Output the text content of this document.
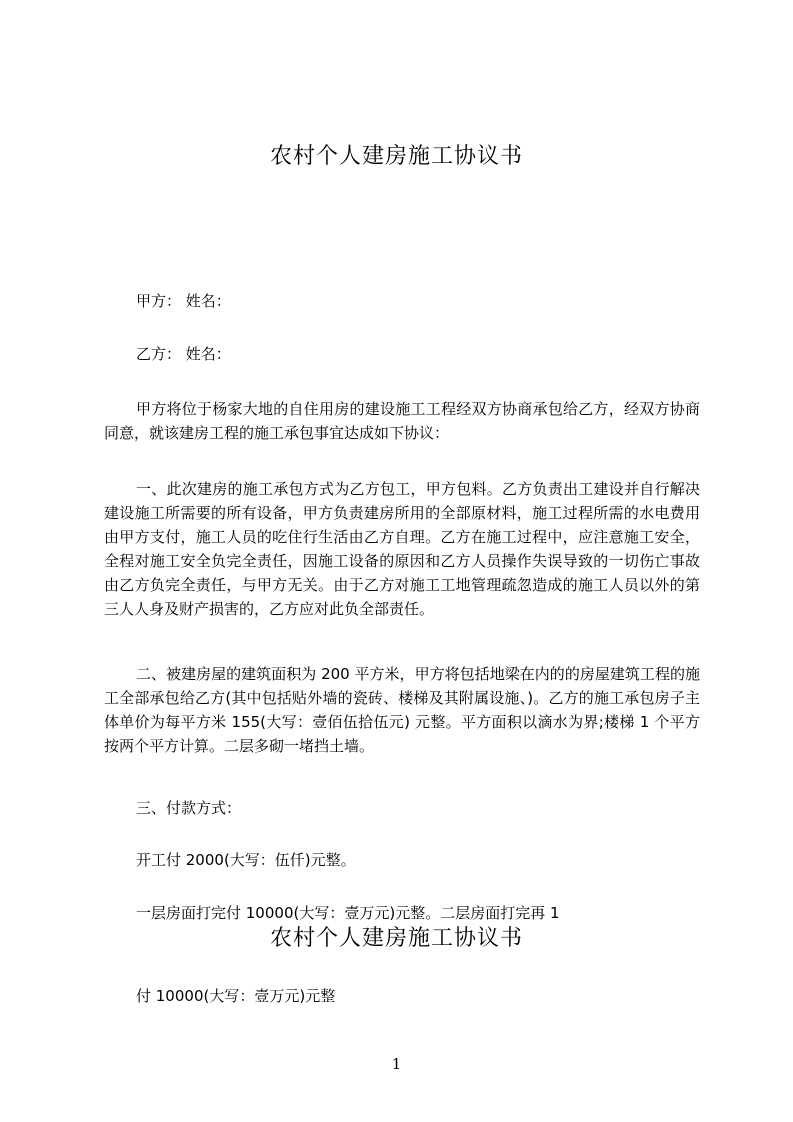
农村个人建房施工协议书
甲方： 姓名：
乙方： 姓名：
甲方将位于杨家大地的自住用房的建设施工工程经双方协商承包给乙方，经双方协商同意，就该建房工程的施工承包事宜达成如下协议：
一、此次建房的施工承包方式为乙方包工，甲方包料。乙方负责出工建设并自行解决建设施工所需要的所有设备，甲方负责建房所用的全部原材料，施工过程所需的水电费用由甲方支付，施工人员的吃住行生活由乙方自理。乙方在施工过程中，应注意施工安全，全程对施工安全负完全责任，因施工设备的原因和乙方人员操作失误导致的一切伤亡事故由乙方负完全责任，与甲方无关。由于乙方对施工工地管理疏忽造成的施工人员以外的第三人人身及财产损害的，乙方应对此负全部责任。
二、被建房屋的建筑面积为 200 平方米，甲方将包括地梁在内的的房屋建筑工程的施工全部承包给乙方(其中包括贴外墙的瓷砖、楼梯及其附属设施、)。乙方的施工承包房子主体单价为每平方米 155(大写：壹佰伍拾伍元) 元整。平方面积以滴水为界;楼梯 1 个平方按两个平方计算。二层多砌一堵挡土墙。
三、付款方式：
开工付 2000(大写：伍仟)元整。
一层房面打完付 10000(大写：壹万元)元整。二层房面打完再 1
农村个人建房施工协议书
付 10000(大写：壹万元)元整
1
